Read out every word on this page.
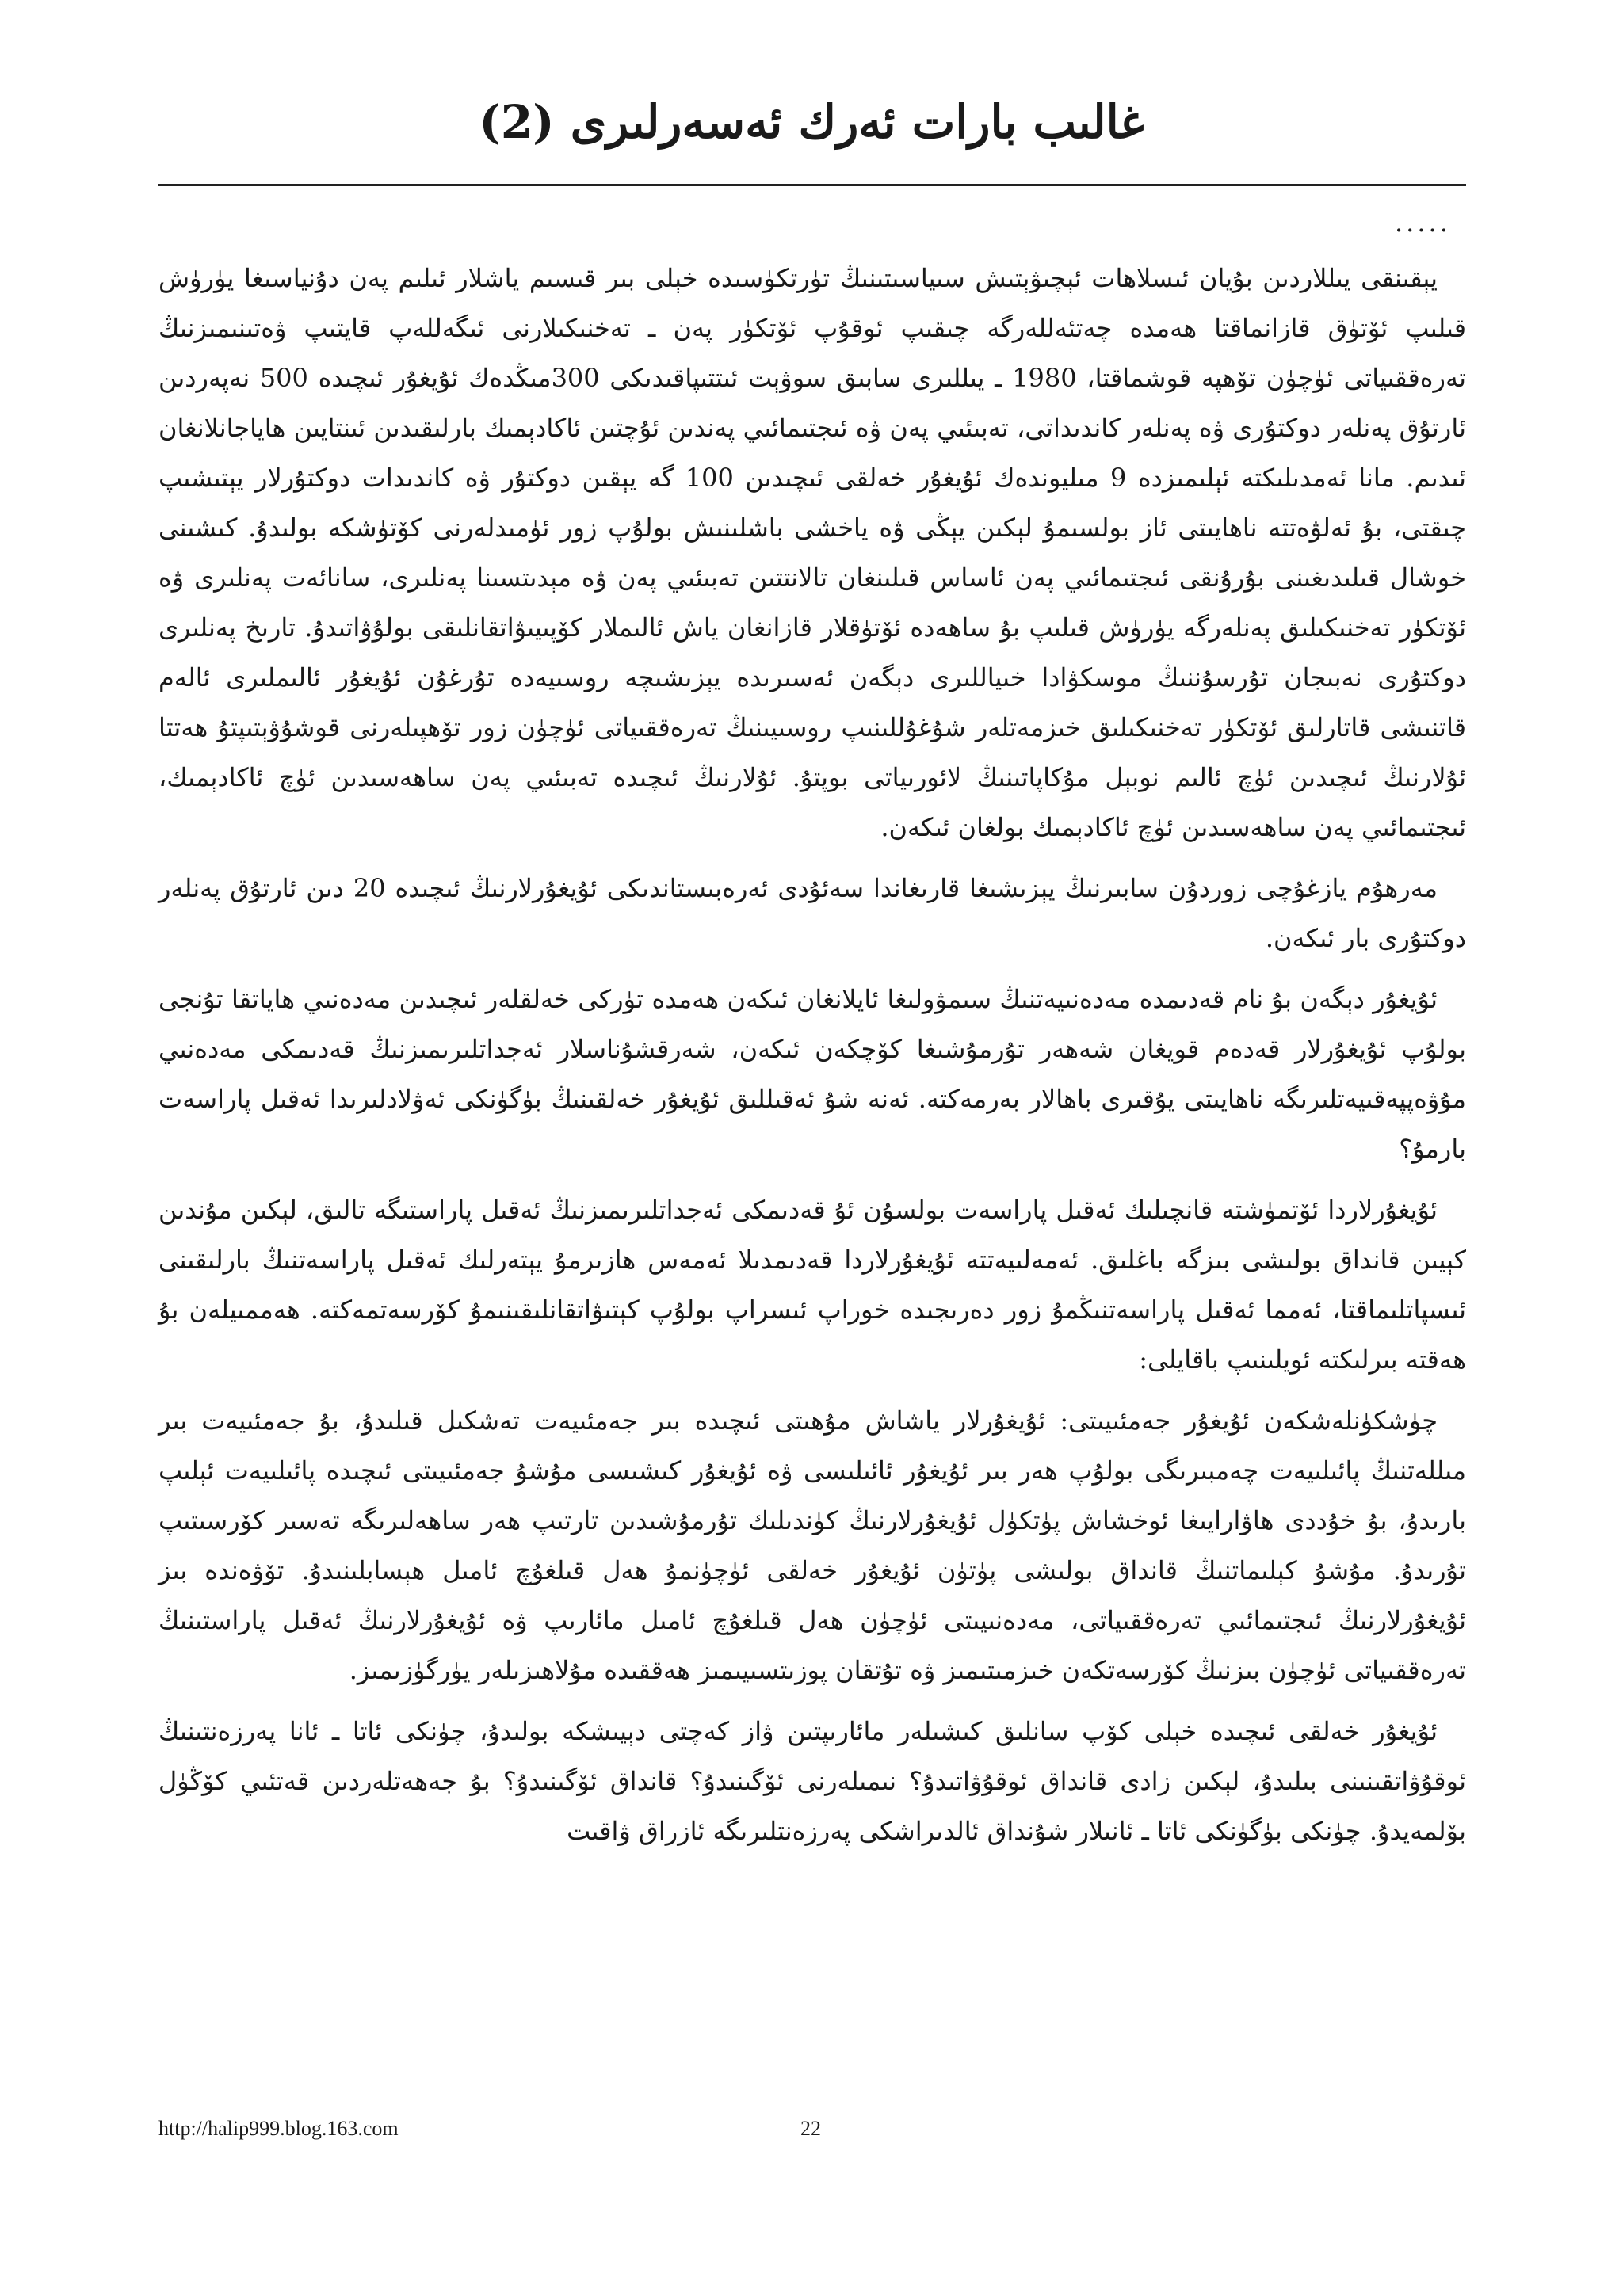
غالىب بارات ئەرك ئەسەرلىرى (2)
.....

يېقىنقى يىللاردىن بۇيان ئىسلاھات ئېچىۋېتىش سىياسىتىنىڭ تۈرتكۈسىدە خېلى بىر قىسىم ياشلار ئىلىم پەن دۇنياسىغا يۈرۈش قىلىپ ئۆتۈق قازانماقتا ھەمدە چەتئەللەرگە چىقىپ ئوقۇپ ئۆتكۈر پەن ـ تەخنىكىلارنى ئىگەللەپ قايتىپ ۋەتىنىمىزنىڭ تەرەققىياتى ئۈچۈن تۆھپە قوشماقتا، 1980 ـ يىللىرى سابىق سوۋېت ئىتتىپاقىدىكى 300مىڭدەك ئۇيغۇر ئىچىدە 500 نەپەردىن ئارتۇق پەنلەر دوكتۇرى ۋە پەنلەر كاندىداتى، تەبىئىي پەن ۋە ئىجتىمائىي پەندىن ئۇچتىن ئاكادېمىك بارلىقىدىن ئىنتايىن ھاياجانلانغان ئىدىم. مانا ئەمدىلىكتە ئېلىمىزدە 9 مىليوندەك ئۇيغۇر خەلقى ئىچىدىن 100 گە يېقىن دوكتۇر ۋە كاندىدات دوكتۇرلار يېتىشىپ چىقتى، بۇ ئەلۋەتتە ناھايىتى ئاز بولسىمۇ لېكىن يېڭى ۋە ياخشى باشلىنىش بولۇپ زور ئۈمىدلەرنى كۆتۈشكە بولىدۇ. كىشىنى خوشال قىلىدىغىنى بۇرۇنقى ئىجتىمائىي پەن ئاساس قىلىنغان تالانتتىن تەبىئىي پەن ۋە مېدىتسىنا پەنلىرى، سانائەت پەنلىرى ۋە ئۆتكۈر تەخنىكىلىق پەنلەرگە يۈرۈش قىلىپ بۇ ساھەدە ئۆتۈقلار قازانغان ياش ئالىملار كۆپىيىۋاتقانلىقى بولۇۋاتىدۇ. تارىخ پەنلىرى دوكتۇرى نەبىجان تۇرسۇننىڭ موسكۋادا خىياللىرى دېگەن ئەسىرىدە يېزىشىچە روسىيەدە تۇرغۇن ئۇيغۇر ئالىملىرى ئالەم قاتنىشى قاتارلىق ئۆتكۈر تەخنىكىلىق خىزمەتلەر شۇغۇللىنىپ روسىيىنىڭ تەرەققىياتى ئۈچۈن زور تۆھپىلەرنى قوشۇۋېتىپتۇ ھەتتا ئۇلارنىڭ ئىچىدىن ئۈچ ئالىم نوبېل مۇكاپاتىنىڭ لائورىياتى بوپتۇ. ئۇلارنىڭ ئىچىدە تەبىئىي پەن ساھەسىدىن ئۈچ ئاكادېمىك، ئىجتىمائىي پەن ساھەسىدىن ئۈچ ئاكادېمىك بولغان ئىكەن.

مەرھۇم يازغۇچى زوردۇن سابىرنىڭ يېزىشىغا قارىغاندا سەئۇدى ئەرەبىستاندىكى ئۇيغۇرلارنىڭ ئىچىدە 20 دىن ئارتۇق پەنلەر دوكتۇرى بار ئىكەن.

ئۇيغۇر دېگەن بۇ نام قەدىمدە مەدەنىيەتنىڭ سىمۋولىغا ئايلانغان ئىكەن ھەمدە تۈركى خەلقلەر ئىچىدىن مەدەنىي ھاياتقا تۇنجى بولۇپ ئۇيغۇرلار قەدەم قويغان شەھەر تۇرمۇشىغا كۆچكەن ئىكەن، شەرقشۇناسلار ئەجداتلىرىمىزنىڭ قەدىمكى مەدەنىي مۇۋەپپەقىيەتلىرىگە ناھايىتى يۇقىرى باھالار بەرمەكتە. ئەنە شۇ ئەقىللىق ئۇيغۇر خەلقىنىڭ بۈگۈنكى ئەۋلادلىرىدا ئەقىل پاراسەت بارمۇ؟

ئۇيغۇرلاردا ئۆتمۈشتە قانچىلىك ئەقىل پاراسەت بولسۇن ئۇ قەدىمكى ئەجداتلىرىمىزنىڭ ئەقىل پاراستىگە تالىق، لېكىن مۇندىن كېيىن قانداق بولىشى بىزگە باغلىق. ئەمەلىيەتتە ئۇيغۇرلاردا قەدىمدىلا ئەمەس ھازىرمۇ يېتەرلىك ئەقىل پاراسەتنىڭ بارلىقىنى ئىسپاتلىماقتا، ئەمما ئەقىل پاراسەتنىڭمۇ زور دەرىجىدە خوراپ ئىسراپ بولۇپ كېتىۋاتقانلىقىنىمۇ كۆرسەتمەكتە. ھەممىيلەن بۇ ھەقتە بىرلىكتە ئويلىنىپ باقايلى:

چۈشكۈنلەشكەن ئۇيغۇر جەمئىيىتى: ئۇيغۇرلار ياشاش مۇھىتى ئىچىدە بىر جەمئىيەت تەشكىل قىلىدۇ، بۇ جەمئىيەت بىر مىللەتنىڭ پائىلىيەت چەمبىرىگى بولۇپ ھەر بىر ئۇيغۇر ئائىلىسى ۋە ئۇيغۇر كىشىسى مۇشۇ جەمئىيىتى ئىچىدە پائىلىيەت ئېلىپ بارىدۇ، بۇ خۇددى ھاۋارايىغا ئوخشاش پۈتكۈل ئۇيغۇرلارنىڭ كۈندىلىك تۇرمۇشىدىن تارتىپ ھەر ساھەلىرىگە تەسىر كۆرسىتىپ تۇرىدۇ. مۇشۇ كېلىماتنىڭ قانداق بولىشى پۈتۈن ئۇيغۇر خەلقى ئۈچۈنمۇ ھەل قىلغۇچ ئامىل ھېسابلىنىدۇ. تۆۋەندە بىز ئۇيغۇرلارنىڭ ئىجتىمائىي تەرەققىياتى، مەدەنىيىتى ئۈچۈن ھەل قىلغۇچ ئامىل مائارىپ ۋە ئۇيغۇرلارنىڭ ئەقىل پاراستىنىڭ تەرەققىياتى ئۈچۈن بىزنىڭ كۆرسەتكەن خىزمىتىمىز ۋە تۇتقان پوزىتسىيىمىز ھەققىدە مۇلاھىزىلەر يۈرگۈزىمىز.

ئۇيغۇر خەلقى ئىچىدە خېلى كۆپ سانلىق كىشىلەر مائارىپتىن ۋاز كەچتى دېيىشكە بولىدۇ، چۈنكى ئاتا ـ ئانا پەرزەنتىنىڭ ئوقۇۋاتقىنىنى بىلىدۇ، لېكىن زادى قانداق ئوقۇۋاتىدۇ؟ نىمىلەرنى ئۆگىنىدۇ؟ قانداق ئۆگىنىدۇ؟ بۇ جەھەتلەردىن قەتئىي كۆڭۈل بۆلمەيدۇ. چۈنكى بۈگۈنكى ئاتا ـ ئانىلار شۇنداق ئالدىراشكى پەرزەنتلىرىگە ئازراق ۋاقىت

http://halip999.blog.163.com	22
